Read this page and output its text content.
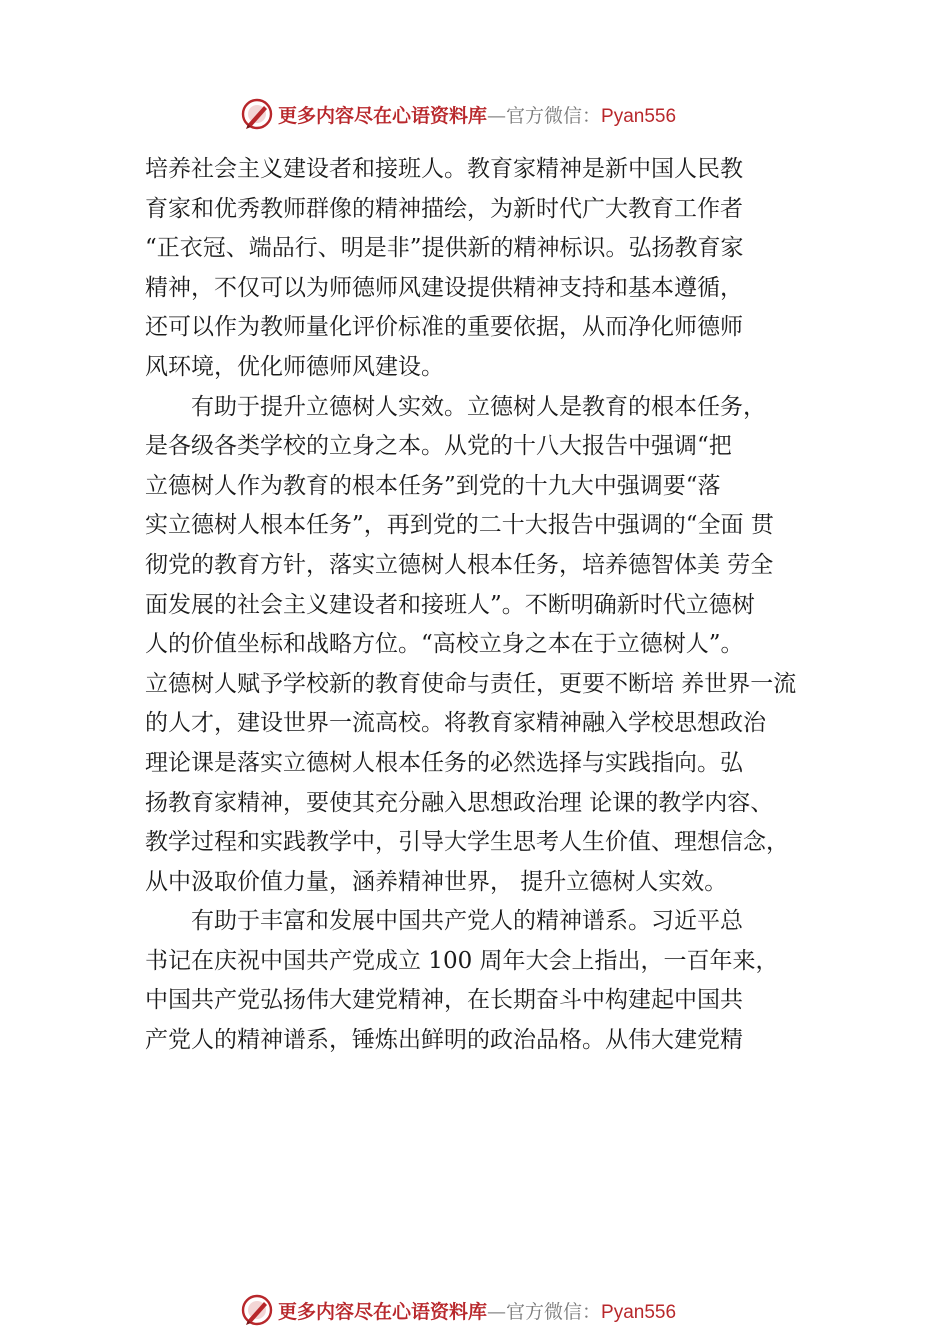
更多内容尽在心语资料库—官方微信：Pyan556
培养社会主义建设者和接班人。教育家精神是新中国人民教
育家和优秀教师群像的精神描绘，为新时代广大教育工作者
“正衣冠、端品行、明是非”提供新的精神标识。弘扬教育家
精神，不仅可以为师德师风建设提供精神支持和基本遵循，
还可以作为教师量化评价标准的重要依据，从而净化师德师
风环境，优化师德师风建设。
　　有助于提升立德树人实效。立德树人是教育的根本任务，
是各级各类学校的立身之本。从党的十八大报告中强调“把
立德树人作为教育的根本任务”到党的十九大中强调要“落
实立德树人根本任务”，再到党的二十大报告中强调的“全面 贯
彻党的教育方针，落实立德树人根本任务，培养德智体美 劳全
面发展的社会主义建设者和接班人”。不断明确新时代立德树
人的价值坐标和战略方位。“高校立身之本在于立德树人”。
立德树人赋予学校新的教育使命与责任，更要不断培 养世界一流
的人才，建设世界一流高校。将教育家精神融入学校思想政治
理论课是落实立德树人根本任务的必然选择与实践指向。弘
扬教育家精神，要使其充分融入思想政治理 论课的教学内容、
教学过程和实践教学中，引导大学生思考人生价值、理想信念，
从中汲取价值力量，涵养精神世界， 提升立德树人实效。
　　有助于丰富和发展中国共产党人的精神谱系。习近平总
书记在庆祝中国共产党成立 100 周年大会上指出，一百年来，
中国共产党弘扬伟大建党精神，在长期奋斗中构建起中国共
产党人的精神谱系，锤炼出鲜明的政治品格。从伟大建党精
更多内容尽在心语资料库—官方微信：Pyan556
